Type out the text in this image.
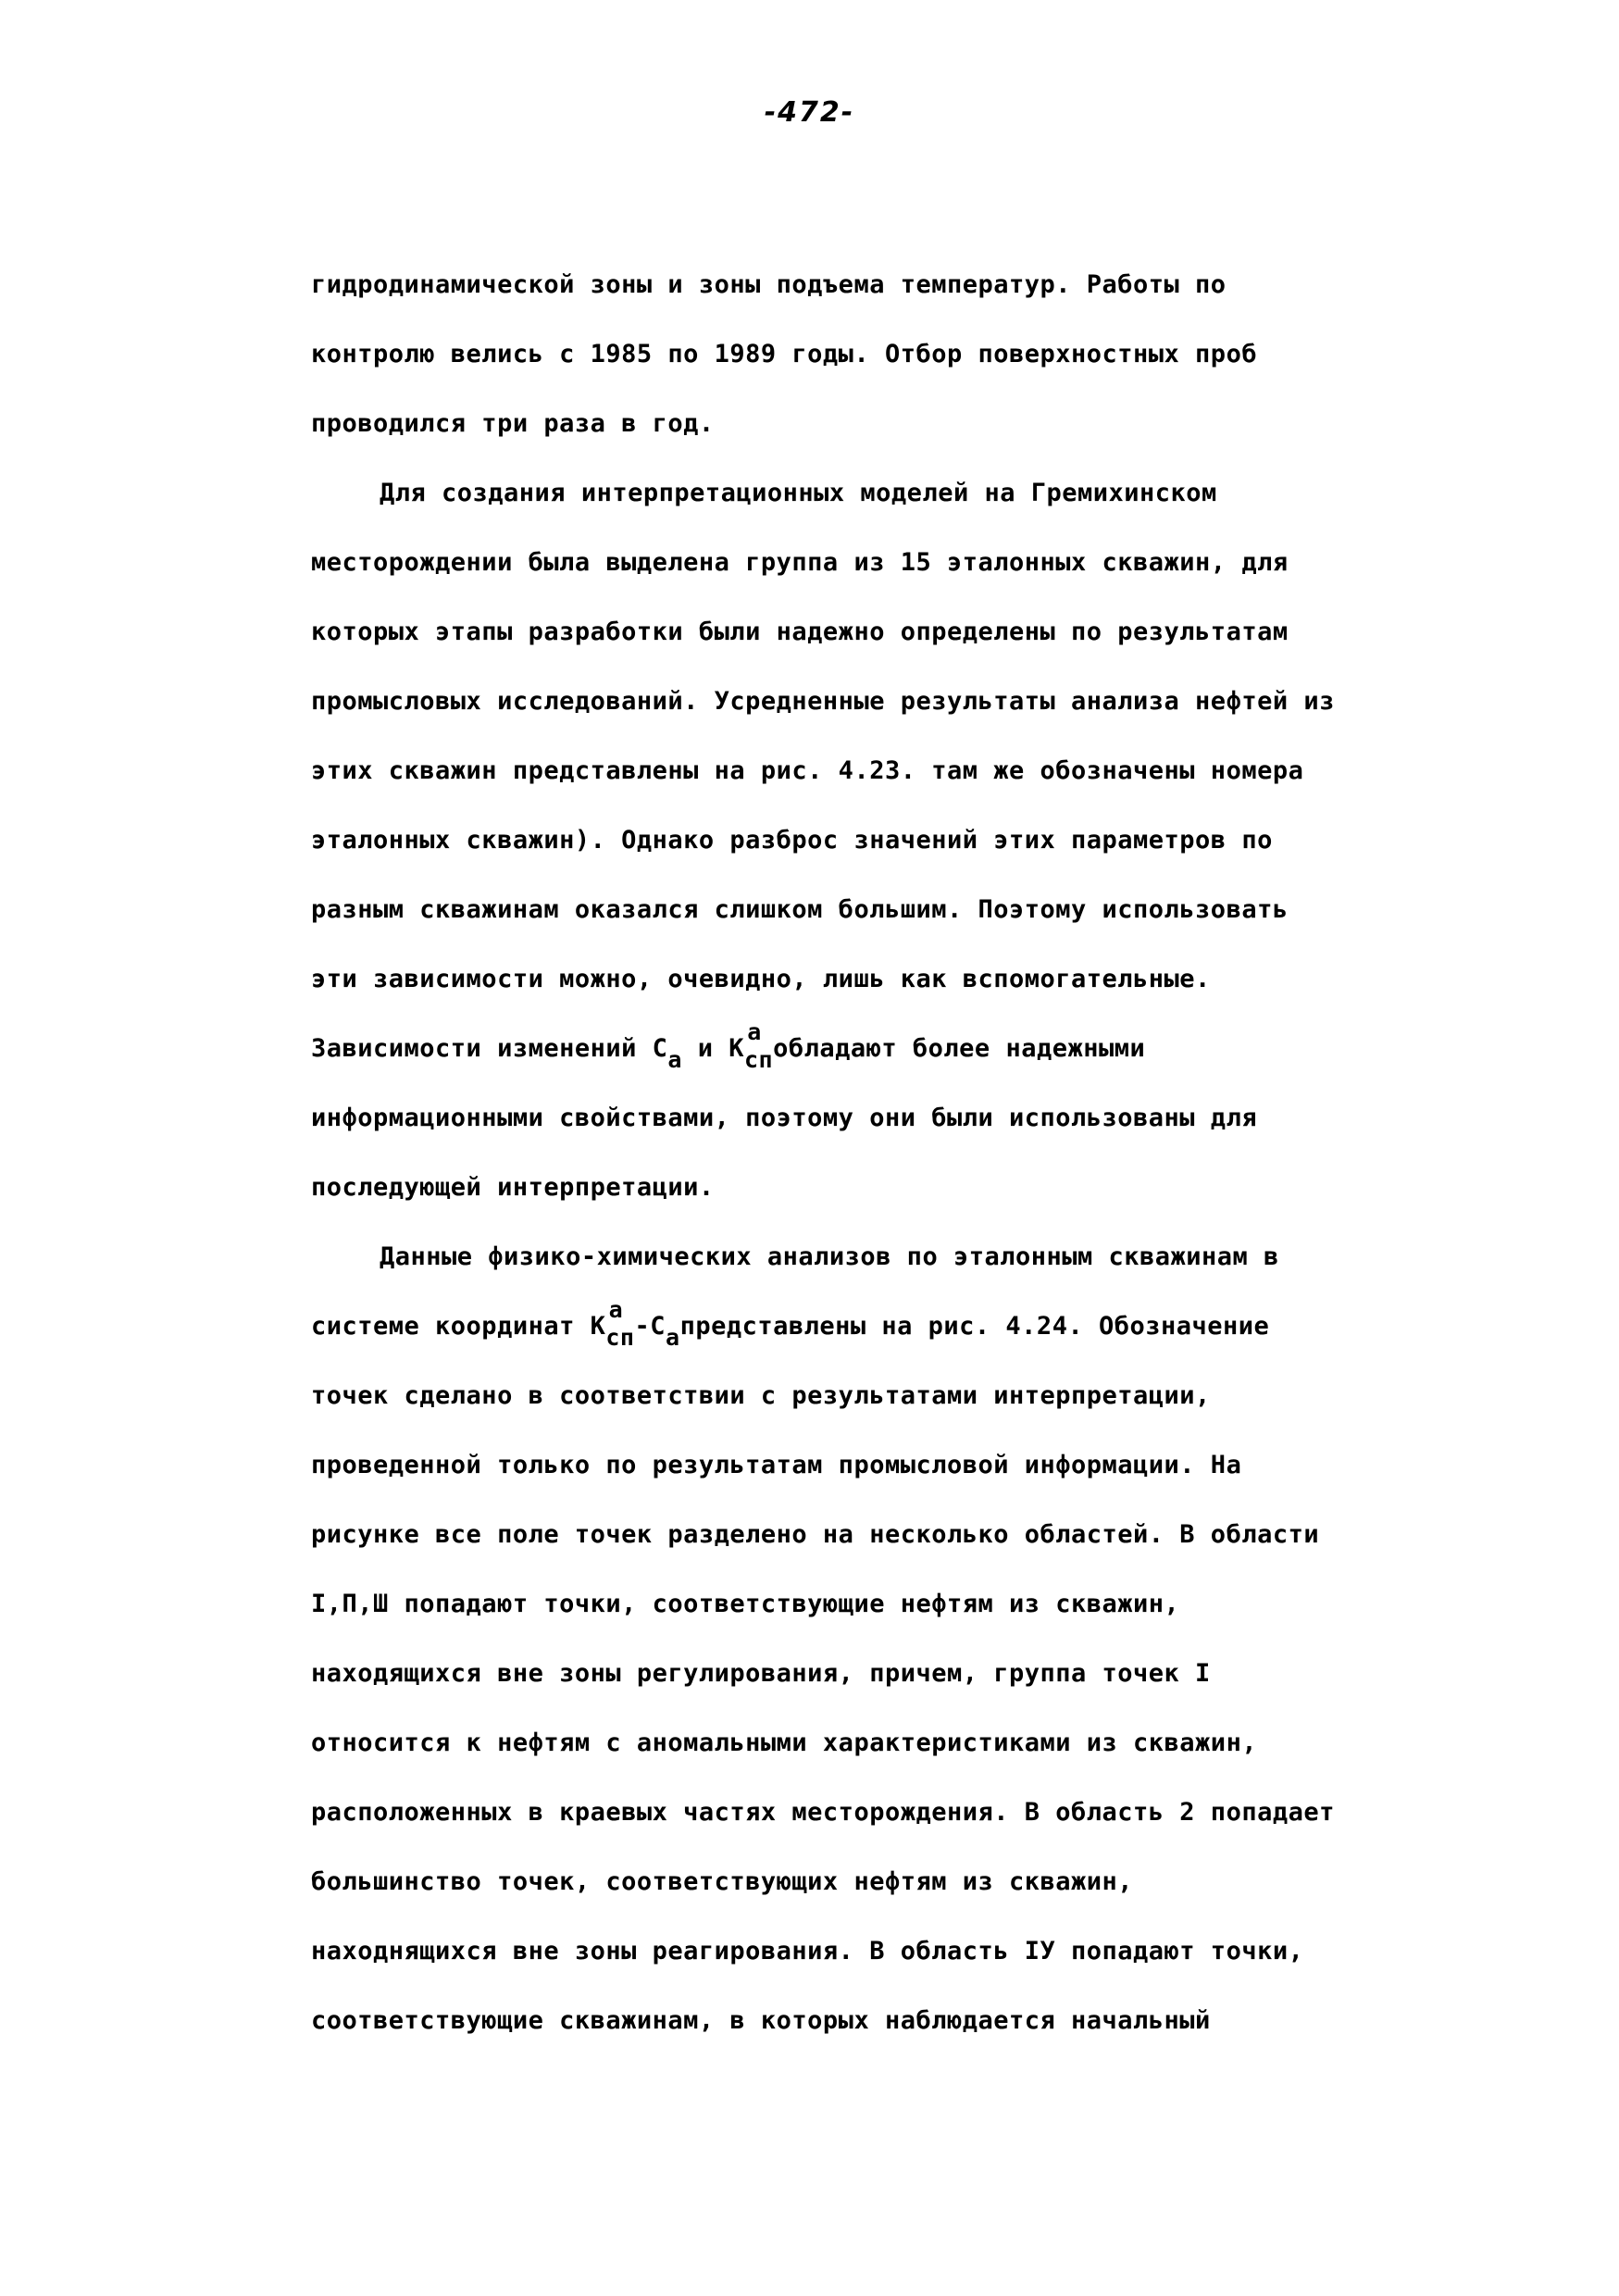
-472-
гидродинамической зоны и зоны подъема температур. Работы по
контролю велись с 1985 по 1989 годы. Отбор поверхностных проб
проводился три раза в год.
Для создания интерпретационных моделей на Гремихинском
месторождении была выделена группа из 15 эталонных скважин, для
которых этапы разработки были надежно определены по результатам
промысловых исследований. Усредненные результаты анализа нефтей из
этих скважин представлены на рис. 4.23. там же обозначены номера
эталонных скважин). Однако разброс значений этих параметров по
разным скважинам оказался слишком большим. Поэтому использовать
эти зависимости можно, очевидно, лишь как вспомогательные.
Зависимости изменений Ca и K
a
спобладают более надежными
информационными свойствами, поэтому они были использованы для
последующей интерпретации.
Данные физико-химических анализов по эталонным скважинам в
системе координат K
a
сп-Caпредставлены на рис. 4.24. Обозначение
точек сделано в соответствии с результатами интерпретации,
проведенной только по результатам промысловой информации. На
рисунке все поле точек разделено на несколько областей. В области
I,П,Ш попадают точки, соответствующие нефтям из скважин,
находящихся вне зоны регулирования, причем, группа точек I
относится к нефтям с аномальными характеристиками из скважин,
расположенных в краевых частях месторождения. В область 2 попадает
большинство точек, соответствующих нефтям из скважин,
находнящихся вне зоны реагирования. В область IУ попадают точки,
соответствующие скважинам, в которых наблюдается начальный
